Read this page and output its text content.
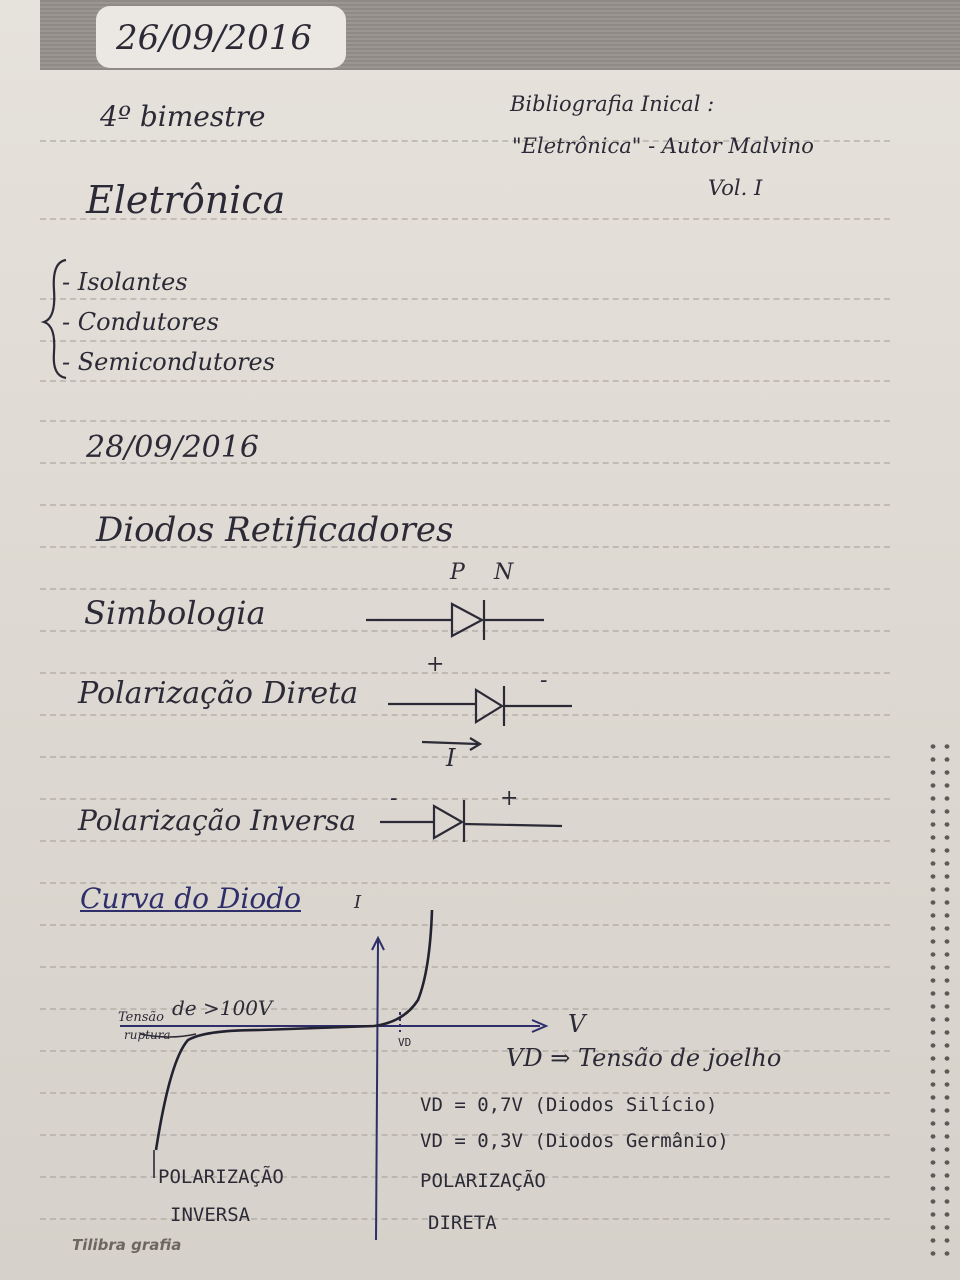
26/09/2016
4º bimestre	Bibliografia Inical :
"Eletrônica" - Autor Malvino
Vol. I
Eletrônica
- Isolantes
- Condutores
- Semicondutores
28/09/2016
Diodos Retificadores
Simbologia
P N
Polarização Direta
+
-
I
Polarização Inversa
-	+
Curva do Diodo	I
V
VD
de >100V
Tensão
ruptura
VD ⇒ Tensão de joelho
VD = 0,7V (Diodos Silício)
VD = 0,3V (Diodos Germânio)
POLARIZAÇÃO
INVERSA
POLARIZAÇÃO
DIRETA
Tilibra grafia
